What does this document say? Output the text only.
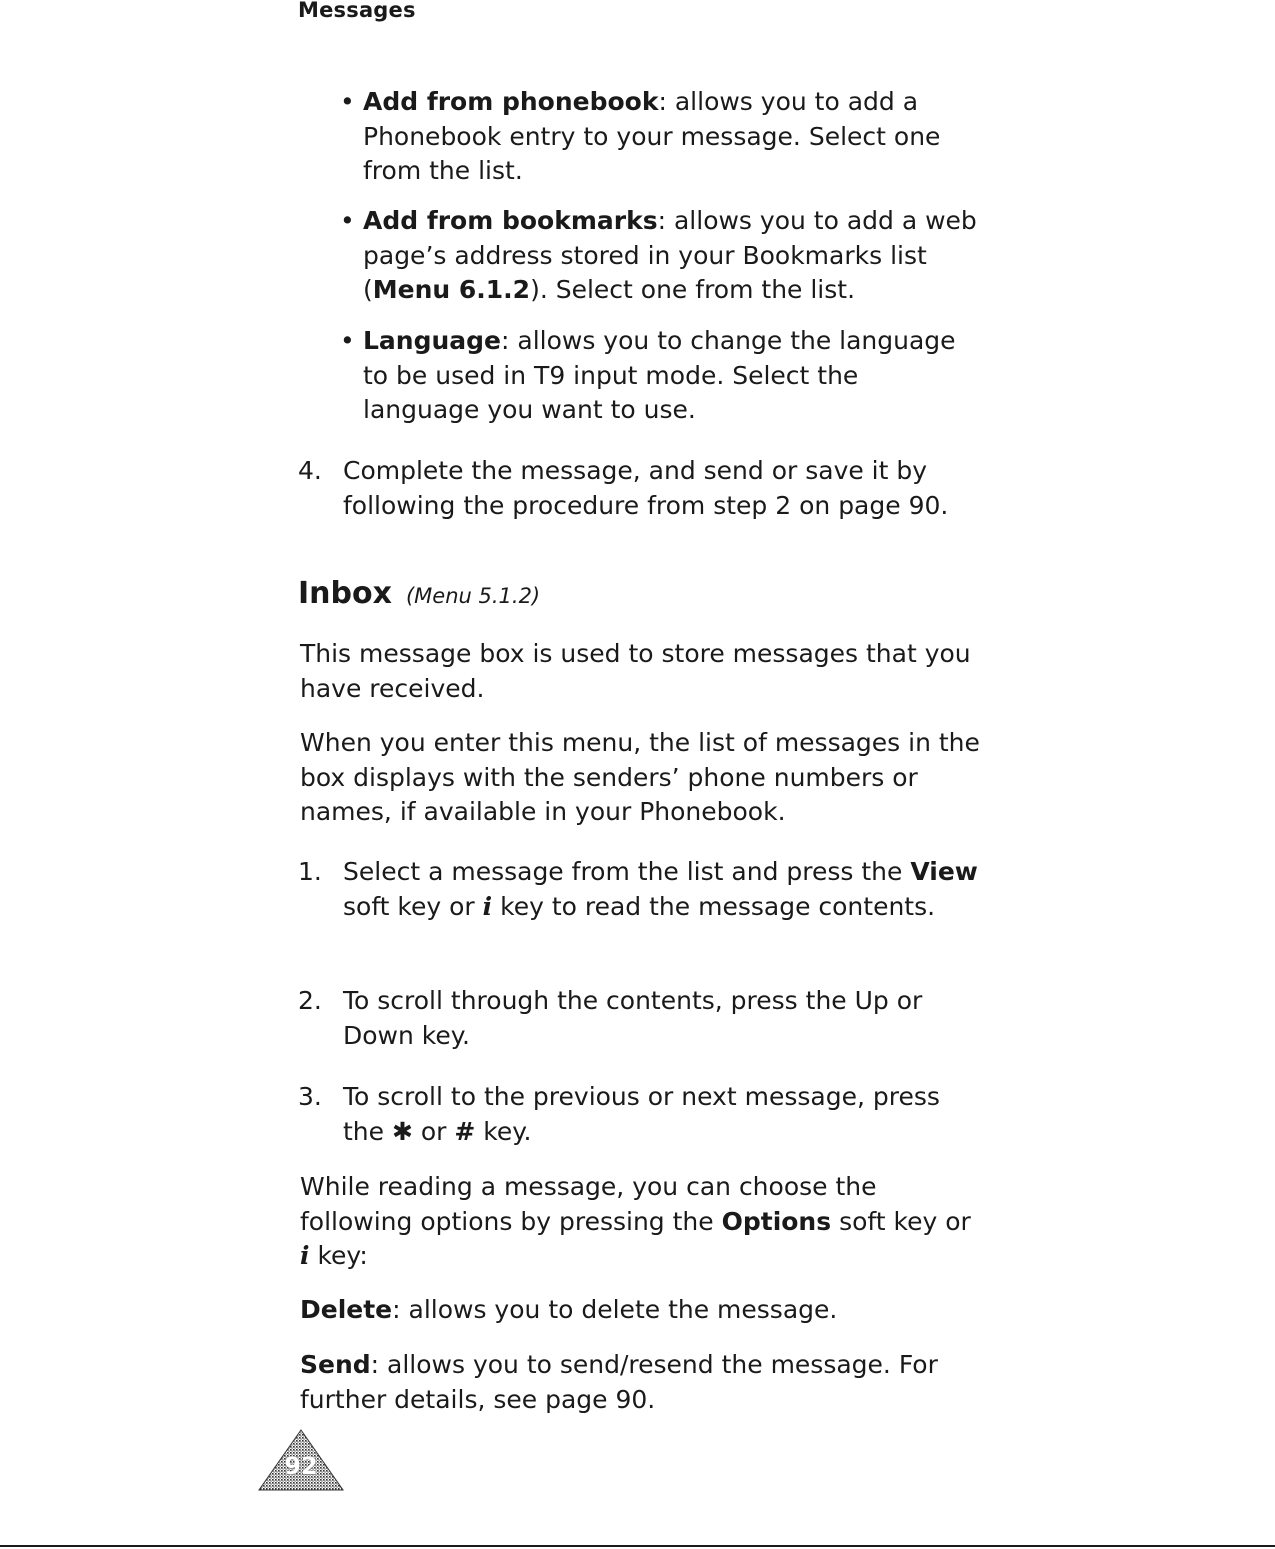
Messages
• Add from phonebook: allows you to add a Phonebook entry to your message. Select one from the list.
• Add from bookmarks: allows you to add a web page’s address stored in your Bookmarks list (Menu 6.1.2). Select one from the list.
• Language: allows you to change the language to be used in T9 input mode. Select the language you want to use.
4. Complete the message, and send or save it by following the procedure from step 2 on page 90.
Inbox (Menu 5.1.2)
This message box is used to store messages that you have received.
When you enter this menu, the list of messages in the box displays with the senders’ phone numbers or names, if available in your Phonebook.
1. Select a message from the list and press the View soft key or i key to read the message contents.
2. To scroll through the contents, press the Up or Down key.
3. To scroll to the previous or next message, press the ✱ or # key.
While reading a message, you can choose the following options by pressing the Options soft key or i key:
Delete: allows you to delete the message.
Send: allows you to send/resend the message. For further details, see page 90.
92
